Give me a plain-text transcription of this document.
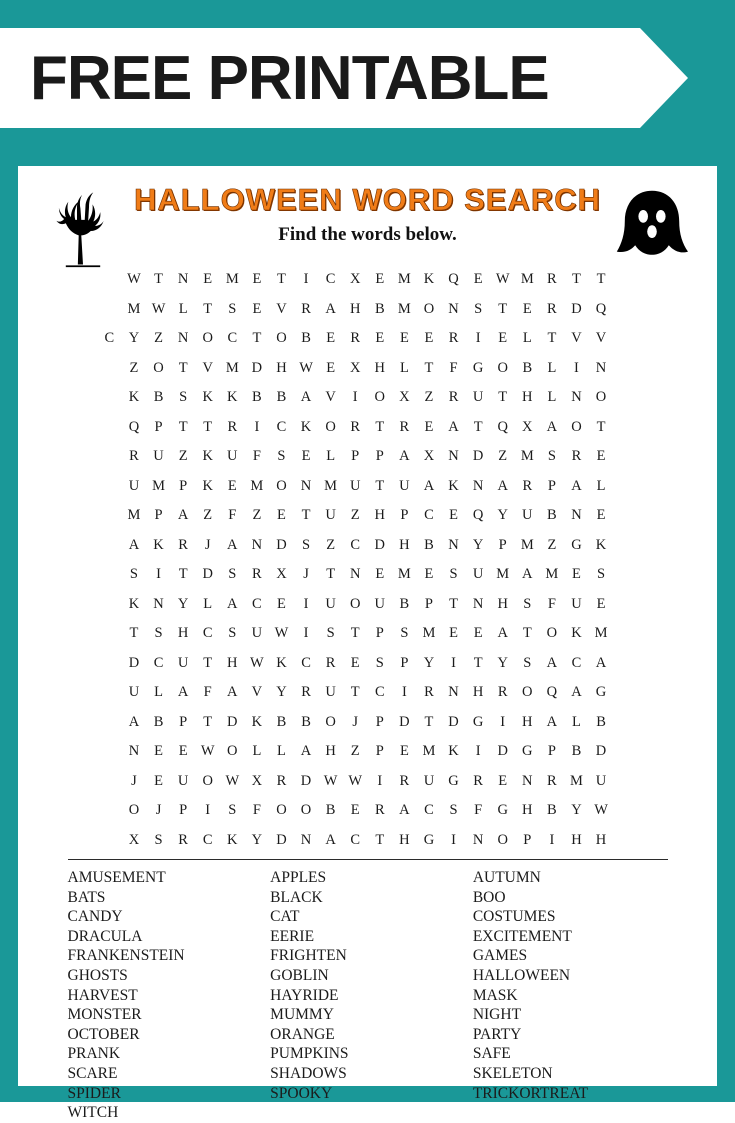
FREE PRINTABLE
HALLOWEEN WORD SEARCH
Find the words below.
W T	N	E M E	T	I	C	X	E M K Q	E W M R	T	T
M W L	T	S	E	V	R	A H	B M O N	S	T	E	R	D Q
C	Y	Z	N O	C	T	O	B	E	R	E	E	E	R	I	E	L	T	V V
Z	O	T	V M D H W E	X H	L	T	F	G O	B	L	I	N
K	B	S	K K	B	B	A V	I	O X	Z	R	U	T	H	L	N O
Q	P	T	T	R	I	C	K O	R	T	R	E	A	T	Q X A O	T
R	U	Z	K U	F	S	E	L	P	P	A X N D	Z M S	R	E
U M P	K	E M O N M U	T	U A K N A	R	P	A	L
M P	A	Z	F	Z	E	T	U	Z	H	P	C	E	Q Y U	B	N	E
A K	R	J	A N D	S	Z	C	D H	B	N Y	P M Z	G K
S	I	T	D	S	R	X	J	T	N	E M E	S	U M A M E	S
K N Y	L	A	C	E	I	U O U	B	P	T	N H	S	F	U	E
T	S	H	C	S	U W	I	S	T	P	S M E	E	A	T	O K M
D	C	U	T	H W K	C	R	E	S	P	Y	I	T	Y	S	A	C	A
U	L	A	F	A V Y	R	U	T	C	I	R	N H	R	O Q A G
A	B	P	T	D K	B	B	O	J	P	D	T	D G	I	H A	L	B
N	E	E W O	L	L	A H	Z	P	E M K	I	D G	P	B	D
J	E	U O W X	R	D W W	I	R	U G	R	E	N	R M U
O	J	P	I	S	F	O O	B	E	R	A	C	S	F	G H	B	Y W
X	S	R	C	K Y D N A	C	T	H G	I	N O	P	I	H H
AMUSEMENT
BATS
CANDY
DRACULA
FRANKENSTEIN
GHOSTS
HARVEST
MONSTER
OCTOBER
PRANK
SCARE
SPIDER
WITCH
APPLES
BLACK
CAT
EERIE
FRIGHTEN
GOBLIN
HAYRIDE
MUMMY
ORANGE
PUMPKINS
SHADOWS
SPOOKY
AUTUMN
BOO
COSTUMES
EXCITEMENT
GAMES
HALLOWEEN
MASK
NIGHT
PARTY
SAFE
SKELETON
TRICKORTREAT
